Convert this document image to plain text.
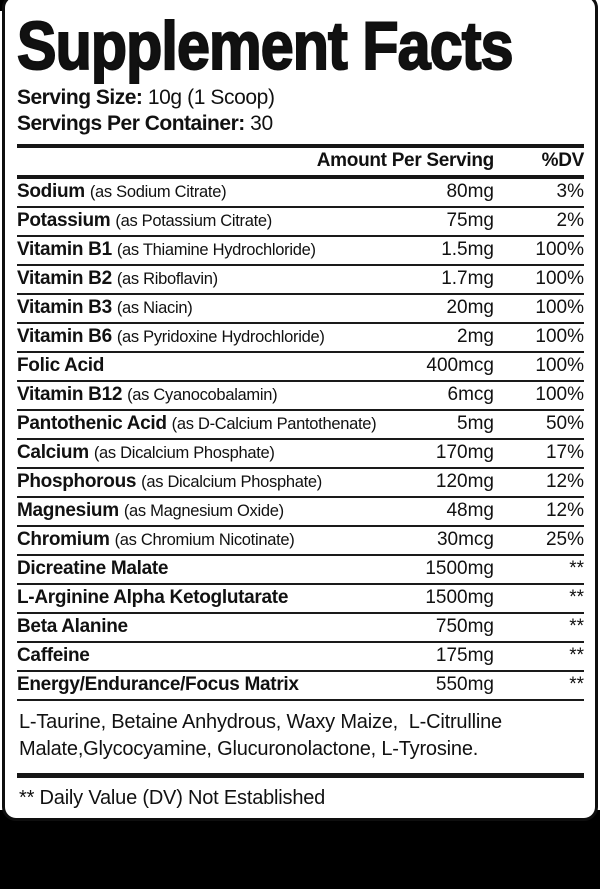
Supplement Facts
Serving Size: 10g (1 Scoop)
Servings Per Container: 30
Amount Per Serving	%DV
Sodium (as Sodium Citrate)	80mg	3%
Potassium (as Potassium Citrate)	75mg	2%
Vitamin B1 (as Thiamine Hydrochloride)	1.5mg	100%
Vitamin B2 (as Riboflavin)	1.7mg	100%
Vitamin B3 (as Niacin)	20mg	100%
Vitamin B6 (as Pyridoxine Hydrochloride)	2mg	100%
Folic Acid	400mcg	100%
Vitamin B12 (as Cyanocobalamin)	6mcg	100%
Pantothenic Acid (as D-Calcium Pantothenate)	5mg	50%
Calcium (as Dicalcium Phosphate)	170mg	17%
Phosphorous (as Dicalcium Phosphate)	120mg	12%
Magnesium (as Magnesium Oxide)	48mg	12%
Chromium (as Chromium Nicotinate)	30mcg	25%
Dicreatine Malate	1500mg	**
L-Arginine Alpha Ketoglutarate	1500mg	**
Beta Alanine	750mg	**
Caffeine	175mg	**
Energy/Endurance/Focus Matrix	550mg	**
L-Taurine, Betaine Anhydrous, Waxy Maize,  L-Citrulline
Malate,Glycocyamine, Glucuronolactone, L-Tyrosine.
** Daily Value (DV) Not Established
